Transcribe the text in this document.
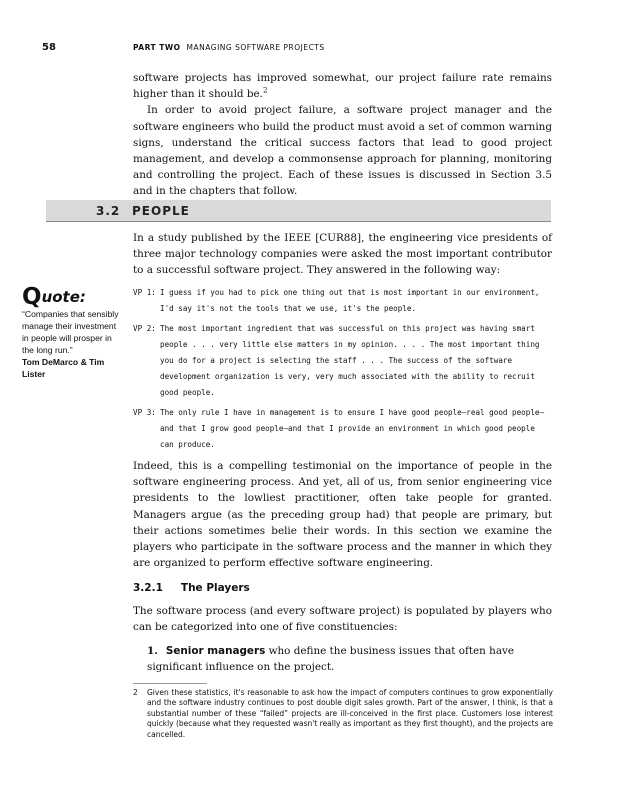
58	PART TWO MANAGING SOFTWARE PROJECTS

software projects has improved somewhat, our project failure rate remains higher than it should be.$^2$

In order to avoid project failure, a software project manager and the software engineers who build the product must avoid a set of common warning signs, understand the critical success factors that lead to good project management, and develop a commonsense approach for planning, monitoring and controlling the project. Each of these issues is discussed in Section 3.5 and in the chapters that follow.

3.2 PEOPLE
In a study published by the IEEE [CUR88], the engineering vice presidents of three major technology companies were asked the most important contributor to a successful software project. They answered in the following way:
Quote:
“Companies that sensibly manage their investment in people will prosper in the long run.”
Tom DeMarco & Tim Lister
VP 1: I guess if you had to pick one thing out that is most important in our environment, I'd say it's not the tools that we use, it's the people.
VP 2: The most important ingredient that was successful on this project was having smart people . . . very little else matters in my opinion. . . . The most important thing you do for a project is selecting the staff . . . The success of the software development organization is very, very much associated with the ability to recruit good people.
VP 3: The only rule I have in management is to ensure I have good people—real good people—and that I grow good people—and that I provide an environment in which good people can produce.
Indeed, this is a compelling testimonial on the importance of people in the software engineering process. And yet, all of us, from senior engineering vice presidents to the lowliest practitioner, often take people for granted. Managers argue (as the preceding group had) that people are primary, but their actions sometimes belie their words. In this section we examine the players who participate in the software process and the manner in which they are organized to perform effective software engineering.
3.2.1 The Players
The software process (and every software project) is populated by players who can be categorized into one of five constituencies:
1. Senior managers who define the business issues that often have significant influence on the project.
2	Given these statistics, it's reasonable to ask how the impact of computers continues to grow exponentially and the software industry continues to post double digit sales growth. Part of the answer, I think, is that a substantial number of these “failed” projects are ill-conceived in the first place. Customers lose interest quickly (because what they requested wasn't really as important as they first thought), and the projects are cancelled.
